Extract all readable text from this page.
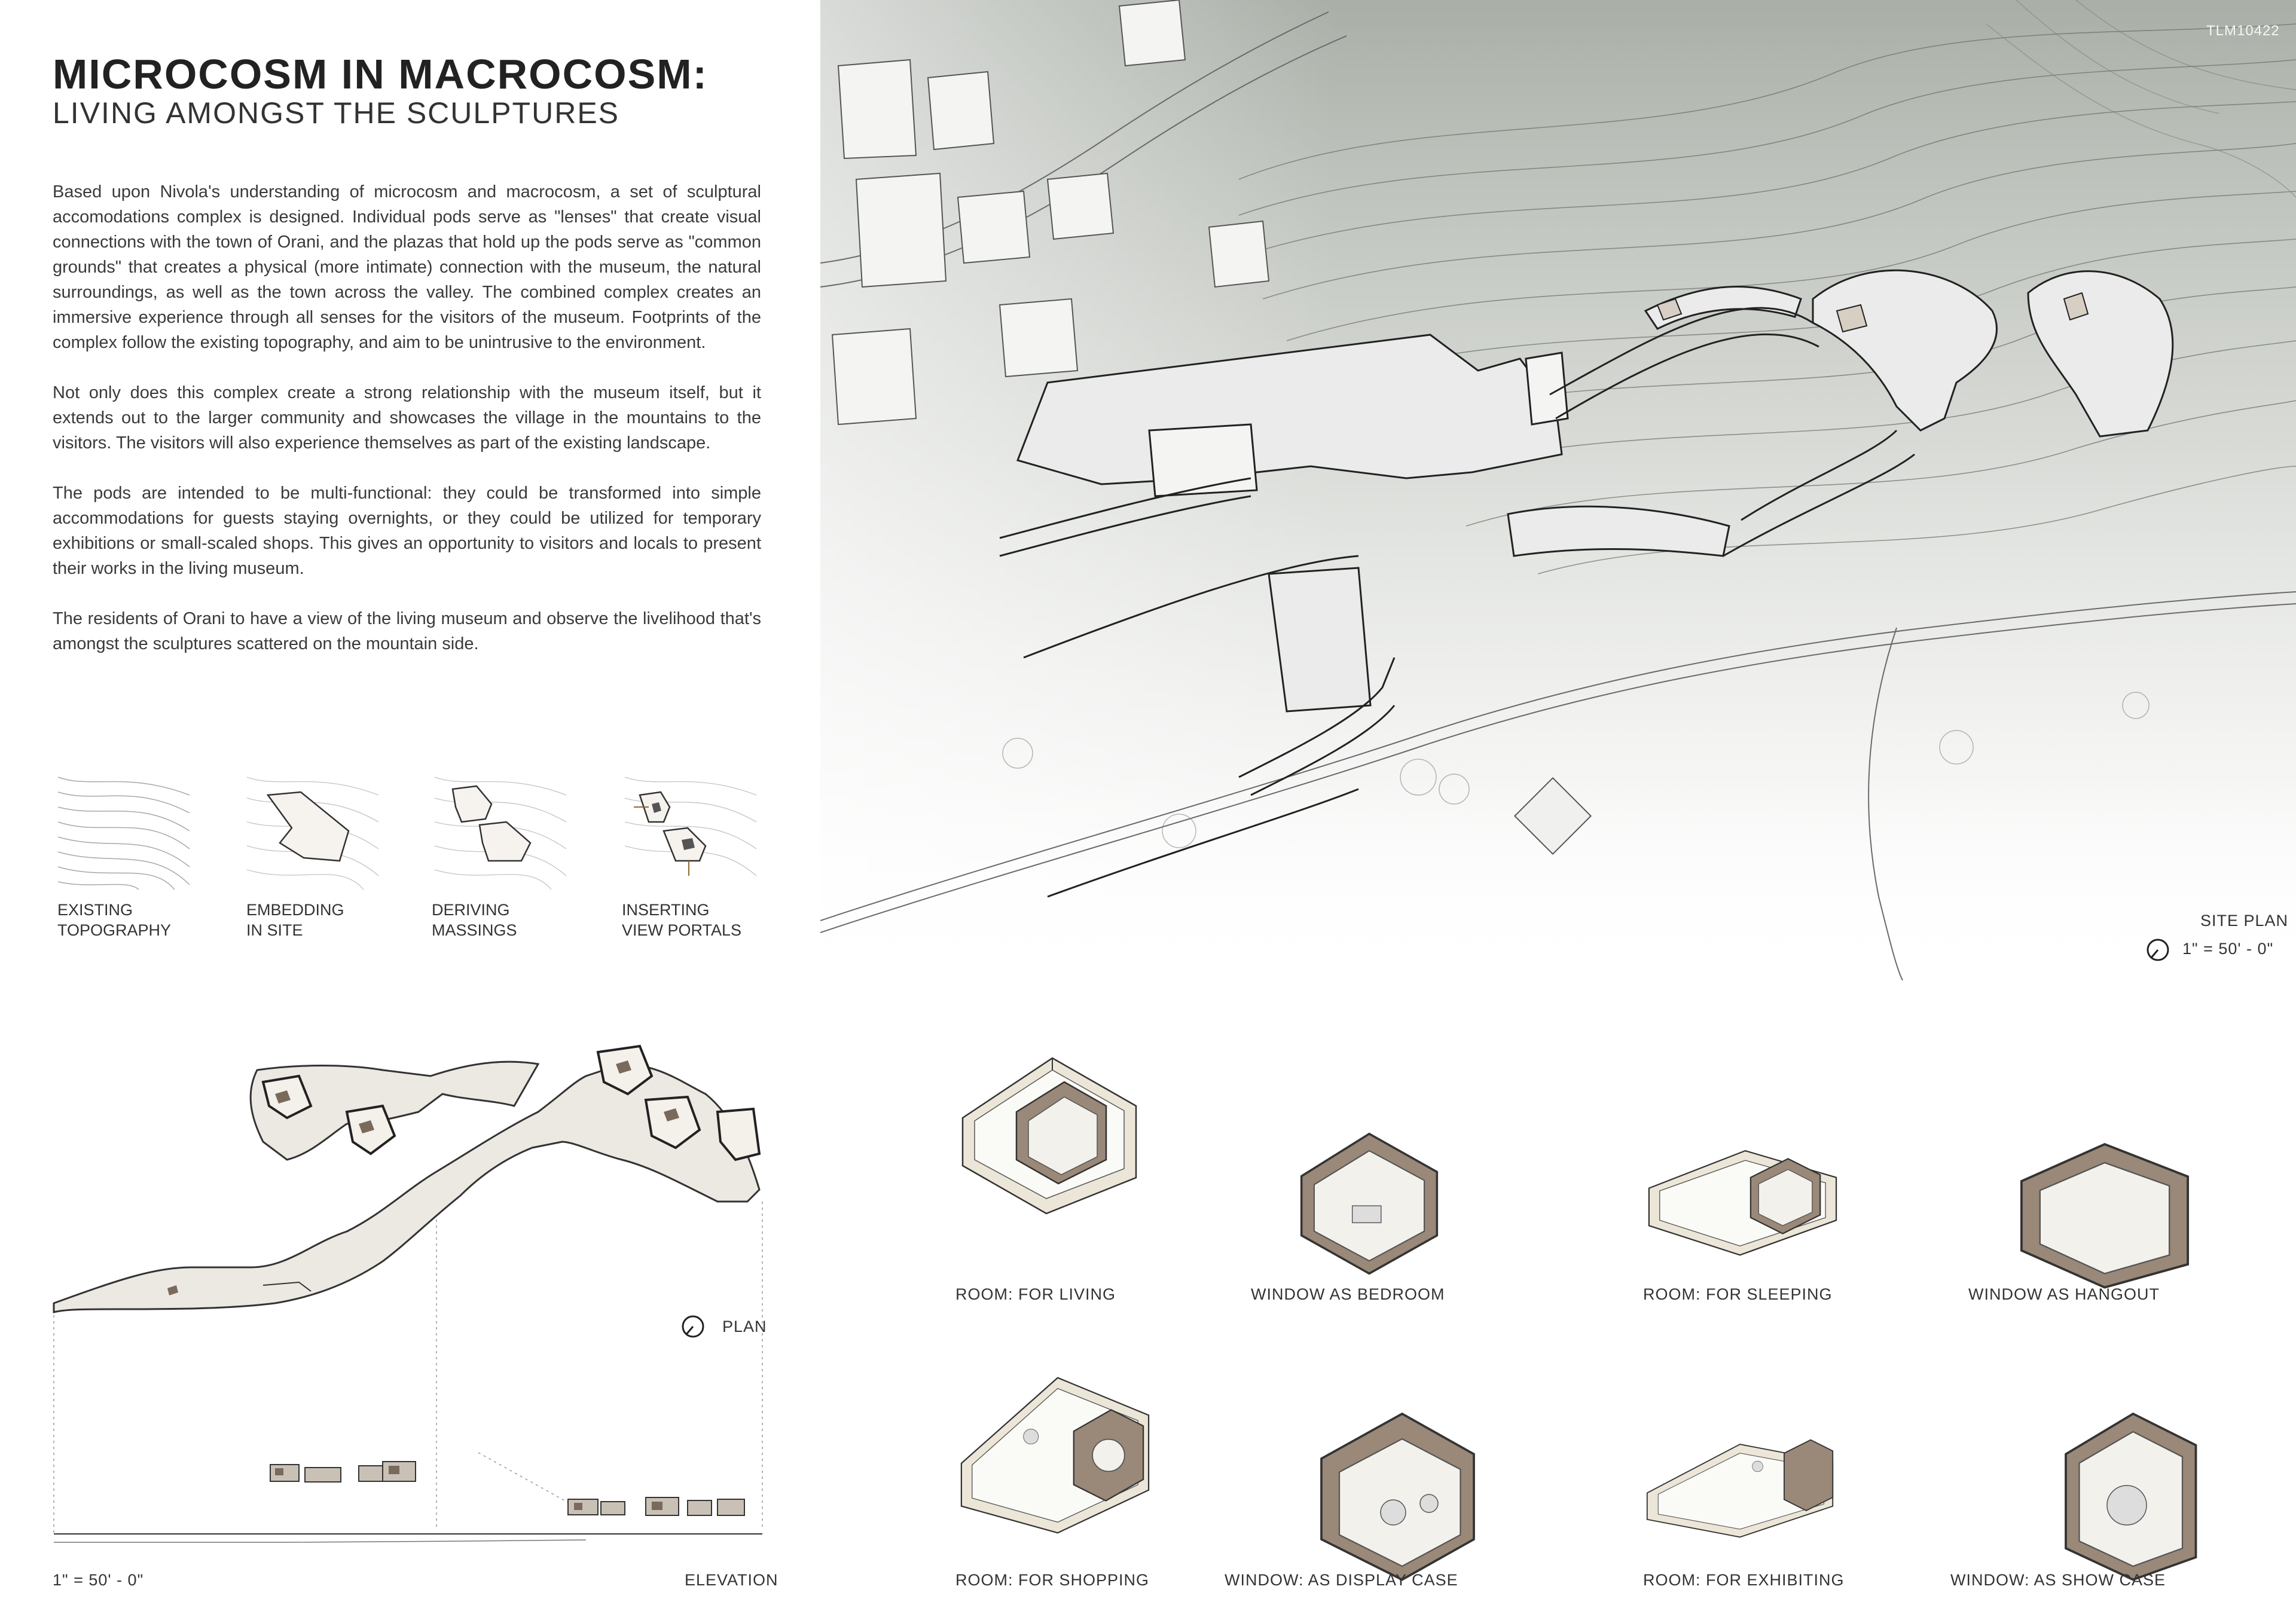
MICROCOSM IN MACROCOSM:
LIVING AMONGST THE SCULPTURES

Based upon Nivola's understanding of microcosm and macrocosm, a set of sculptural accomodations complex is designed. Individual pods serve as "lenses" that create visual connections with the town of Orani, and the plazas that hold up the pods serve as "common grounds" that creates a physical (more intimate) connection with the museum, the natural surroundings, as well as the town across the valley. The combined complex creates an immersive experience through all senses for the visitors of the museum. Footprints of the complex follow the existing topography, and aim to be unintrusive to the environment.

Not only does this complex create a strong relationship with the museum itself, but it extends out to the larger community and showcases the village in the mountains to the visitors. The visitors will also experience themselves as part of the existing landscape.

The pods are intended to be multi-functional: they could be transformed into simple accommodations for guests staying overnights, or they could be utilized for temporary exhibitions or small-scaled shops. This gives an opportunity to visitors and locals to present their works in the living museum.

The residents of Orani to have a view of the living museum and observe the livelihood that's amongst the sculptures scattered on the mountain side.

EXISTING
TOPOGRAPHY
EMBEDDING
IN SITE
DERIVING
MASSINGS
INSERTING
VIEW PORTALS
TLM10422
SITE PLAN
1" = 50' - 0"
PLAN
1" = 50' - 0"	ELEVATION
ROOM: FOR LIVING	WINDOW AS BEDROOM	ROOM: FOR SLEEPING	WINDOW AS HANGOUT
ROOM: FOR SHOPPING	WINDOW: AS DISPLAY CASE	ROOM: FOR EXHIBITING	WINDOW: AS SHOW CASE
